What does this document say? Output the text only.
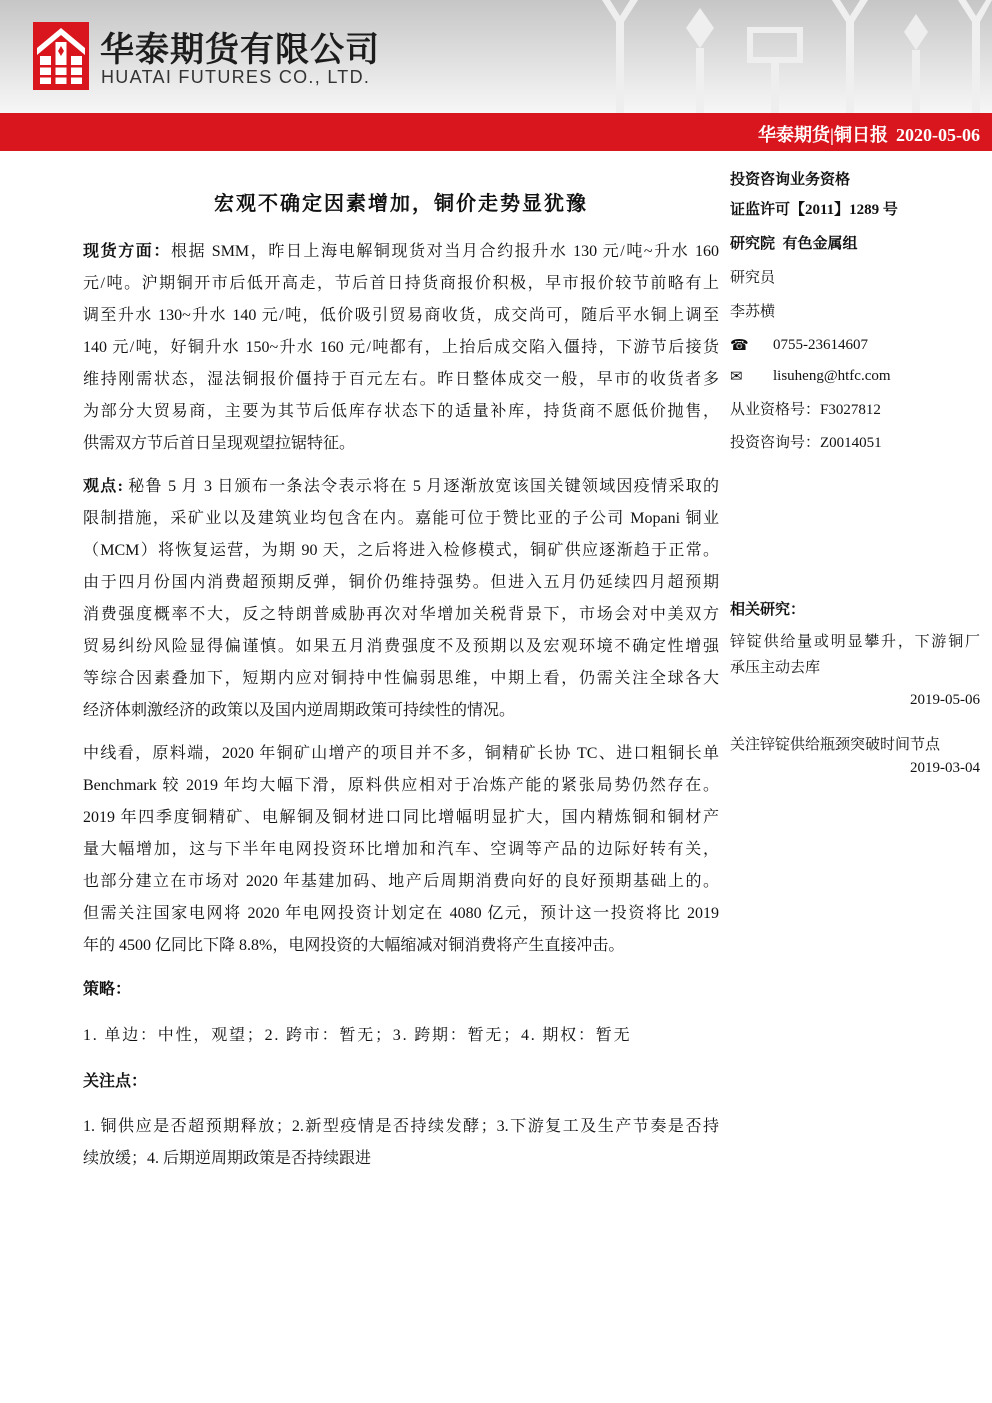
华泰期货有限公司
HUATAI FUTURES CO., LTD.
华泰期货|铜日报 2020-05-06
宏观不确定因素增加，铜价走势显犹豫
现货方面：根据 SMM，昨日上海电解铜现货对当月合约报升水 130 元/吨~升水 160
元/吨。沪期铜开市后低开高走，节后首日持货商报价积极，早市报价较节前略有上
调至升水 130~升水 140 元/吨，低价吸引贸易商收货，成交尚可，随后平水铜上调至
140 元/吨，好铜升水 150~升水 160 元/吨都有，上抬后成交陷入僵持，下游节后接货
维持刚需状态，湿法铜报价僵持于百元左右。昨日整体成交一般，早市的收货者多
为部分大贸易商，主要为其节后低库存状态下的适量补库，持货商不愿低价抛售，
供需双方节后首日呈现观望拉锯特征。
观点: 秘鲁 5 月 3 日颁布一条法令表示将在 5 月逐渐放宽该国关键领域因疫情采取的
限制措施，采矿业以及建筑业均包含在内。嘉能可位于赞比亚的子公司 Mopani 铜业
（MCM）将恢复运营，为期 90 天，之后将进入检修模式，铜矿供应逐渐趋于正常。
由于四月份国内消费超预期反弹，铜价仍维持强势。但进入五月仍延续四月超预期
消费强度概率不大，反之特朗普威胁再次对华增加关税背景下，市场会对中美双方
贸易纠纷风险显得偏谨慎。如果五月消费强度不及预期以及宏观环境不确定性增强
等综合因素叠加下，短期内应对铜持中性偏弱思维，中期上看，仍需关注全球各大
经济体刺激经济的政策以及国内逆周期政策可持续性的情况。
中线看，原料端，2020 年铜矿山增产的项目并不多，铜精矿长协 TC、进口粗铜长单
Benchmark 较 2019 年均大幅下滑，原料供应相对于冶炼产能的紧张局势仍然存在。
2019 年四季度铜精矿、电解铜及铜材进口同比增幅明显扩大，国内精炼铜和铜材产
量大幅增加，这与下半年电网投资环比增加和汽车、空调等产品的边际好转有关，
也部分建立在市场对 2020 年基建加码、地产后周期消费向好的良好预期基础上的。
但需关注国家电网将 2020 年电网投资计划定在 4080 亿元，预计这一投资将比 2019
年的 4500 亿同比下降 8.8%，电网投资的大幅缩减对铜消费将产生直接冲击。
策略：
1. 单边：中性，观望；2. 跨市：暂无；3. 跨期：暂无；4. 期权：暂无
关注点：
1. 铜供应是否超预期释放；2.新型疫情是否持续发酵；3.下游复工及生产节奏是否持
续放缓；4. 后期逆周期政策是否持续跟进
投资咨询业务资格
证监许可【2011】1289 号
研究院  有色金属组
研究员
李苏横
☎ 0755-23614607
✉ lisuheng@htfc.com
从业资格号：F3027812
投资咨询号：Z0014051
相关研究：
锌锭供给量或明显攀升，下游铜厂
承压主动去库
2019-05-06
关注锌锭供给瓶颈突破时间节点
2019-03-04
